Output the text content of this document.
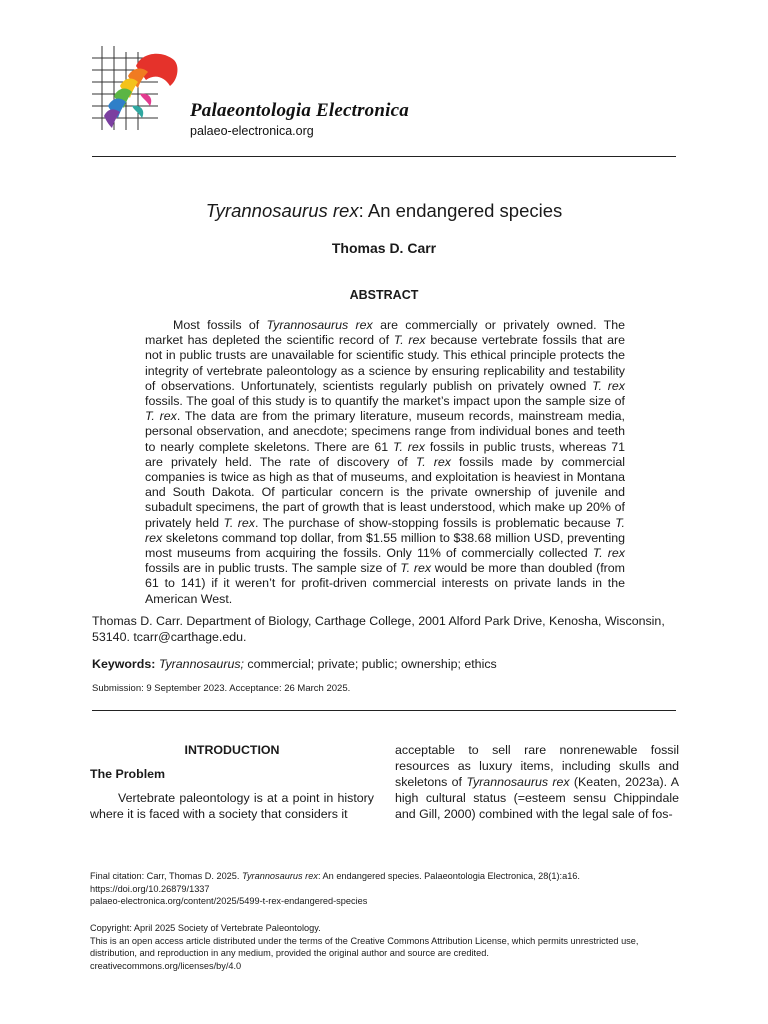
Palaeontologia Electronica
palaeo-electronica.org
Tyrannosaurus rex: An endangered species
Thomas D. Carr
ABSTRACT

Most fossils of Tyrannosaurus rex are commercially or privately owned. The market has depleted the scientific record of T. rex because vertebrate fossils that are not in public trusts are unavailable for scientific study. This ethical principle protects the integrity of vertebrate paleontology as a science by ensuring replicability and testability of observations. Unfortunately, scientists regularly publish on privately owned T. rex fossils. The goal of this study is to quantify the market’s impact upon the sample size of T. rex. The data are from the primary literature, museum records, mainstream media, personal observation, and anecdote; specimens range from individual bones and teeth to nearly complete skeletons. There are 61 T. rex fossils in public trusts, whereas 71 are privately held. The rate of discovery of T. rex fossils made by commercial companies is twice as high as that of museums, and exploitation is heaviest in Montana and South Dakota. Of particular concern is the private ownership of juvenile and subadult specimens, the part of growth that is least understood, which make up 20% of privately held T. rex. The purchase of show-stopping fossils is problematic because T. rex skeletons command top dollar, from $1.55 million to $38.68 million USD, preventing most museums from acquiring the fossils. Only 11% of commercially collected T. rex fossils are in public trusts. The sample size of T. rex would be more than doubled (from 61 to 141) if it weren’t for profit-driven commercial interests on private lands in the American West.

Thomas D. Carr. Department of Biology, Carthage College, 2001 Alford Park Drive, Kenosha, Wisconsin, 53140. tcarr@carthage.edu.
Keywords: Tyrannosaurus; commercial; private; public; ownership; ethics
Submission: 9 September 2023. Acceptance: 26 March 2025.
INTRODUCTION
The Problem

Vertebrate paleontology is at a point in history where it is faced with a society that considers it

acceptable to sell rare nonrenewable fossil resources as luxury items, including skulls and skeletons of Tyrannosaurus rex (Keaten, 2023a). A high cultural status (=esteem sensu Chippindale and Gill, 2000) combined with the legal sale of fos-

Final citation: Carr, Thomas D. 2025. Tyrannosaurus rex: An endangered species. Palaeontologia Electronica, 28(1):a16.

https://doi.org/10.26879/1337

palaeo-electronica.org/content/2025/5499-t-rex-endangered-species

Copyright: April 2025 Society of Vertebrate Paleontology.

This is an open access article distributed under the terms of the Creative Commons Attribution License, which permits unrestricted use, distribution, and reproduction in any medium, provided the original author and source are credited.

creativecommons.org/licenses/by/4.0
